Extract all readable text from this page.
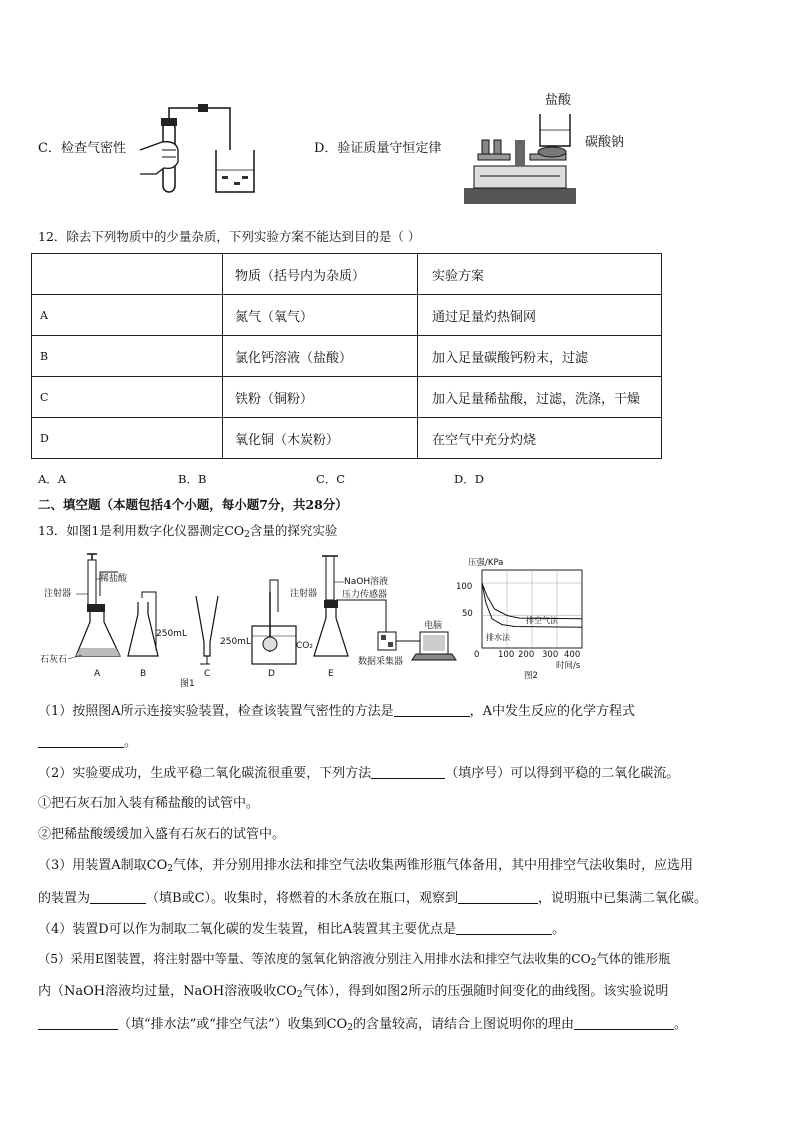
C．检查气密性	D．验证质量守恒定律
盐酸
碳酸钠
12．除去下列物质中的少量杂质，下列实验方案不能达到目的是（ ）
	物质（括号内为杂质）	实验方案
A	氮气（氧气）	通过足量灼热铜网
B	氯化钙溶液（盐酸）	加入足量碳酸钙粉末，过滤
C	铁粉（铜粉）	加入足量稀盐酸，过滤，洗涤，干燥
D	氧化铜（木炭粉）	在空气中充分灼烧
A．A	B．B	C．C	D．D
二、填空题（本题包括4个小题，每小题7分，共28分）
13．如图1是利用数字化仪器测定$CO_2$含量的探究实验
注射器
稀盐酸
石灰石
A
250mL
B
250mL
C	D
注射器
NaOH溶液
压力传感器
CO₂
E
数据采集器
电脑
图1
压强/KPa
100
50
0 100 200 300 400
时间/s
排空气法
排水法
图2
（1）按照图A所示连接实验装置，检查该装置气密性的方法是	，A中发生反应的化学方程式
。
（2）实验要成功，生成平稳二氧化碳流很重要，下列方法	（填序号）可以得到平稳的二氧化碳流。
①把石灰石加入装有稀盐酸的试管中。
②把稀盐酸缓缓加入盛有石灰石的试管中。
（3）用装置A制取$CO_2$气体，并分别用排水法和排空气法收集两锥形瓶气体备用，其中用排空气法收集时，应选用
的装置为	（填B或C）。收集时，将燃着的木条放在瓶口，观察到	，说明瓶中已集满二氧化碳。
（4）装置D可以作为制取二氧化碳的发生装置，相比A装置其主要优点是	。
（5）采用E图装置，将注射器中等量、等浓度的氢氧化钠溶液分别注入用排水法和排空气法收集的$CO_2$气体的锥形瓶
内（NaOH溶液均过量，NaOH溶液吸收$CO_2$气体），得到如图2所示的压强随时间变化的曲线图。该实验说明
（填“排水法”或“排空气法”）收集到$CO_2$的含量较高，请结合上图说明你的理由	。
